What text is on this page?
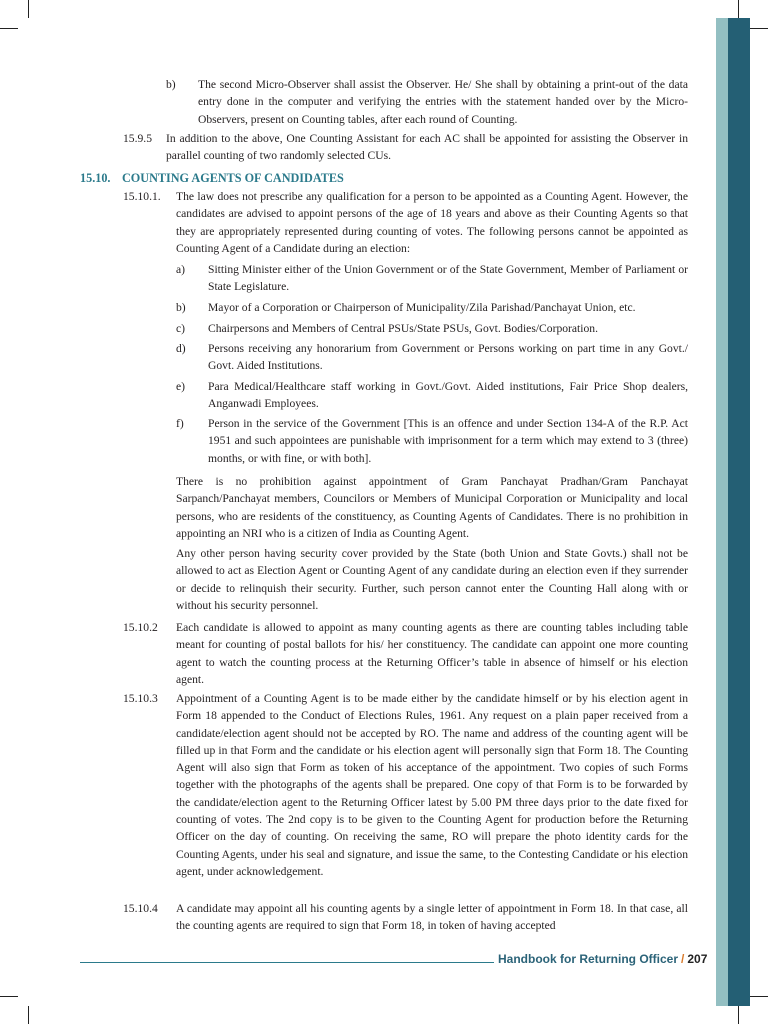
b) The second Micro-Observer shall assist the Observer. He/ She shall by obtaining a print-out of the data entry done in the computer and verifying the entries with the statement handed over by the Micro-Observers, present on Counting tables, after each round of Counting.
15.9.5 In addition to the above, One Counting Assistant for each AC shall be appointed for assisting the Observer in parallel counting of two randomly selected CUs.
15.10. COUNTING AGENTS OF CANDIDATES
15.10.1. The law does not prescribe any qualification for a person to be appointed as a Counting Agent. However, the candidates are advised to appoint persons of the age of 18 years and above as their Counting Agents so that they are appropriately represented during counting of votes. The following persons cannot be appointed as Counting Agent of a Candidate during an election:
a) Sitting Minister either of the Union Government or of the State Government, Member of Parliament or State Legislature.
b) Mayor of a Corporation or Chairperson of Municipality/Zila Parishad/Panchayat Union, etc.
c) Chairpersons and Members of Central PSUs/State PSUs, Govt. Bodies/Corporation.
d) Persons receiving any honorarium from Government or Persons working on part time in any Govt./ Govt. Aided Institutions.
e) Para Medical/Healthcare staff working in Govt./Govt. Aided institutions, Fair Price Shop dealers, Anganwadi Employees.
f) Person in the service of the Government [This is an offence and under Section 134-A of the R.P. Act 1951 and such appointees are punishable with imprisonment for a term which may extend to 3 (three) months, or with fine, or with both].
There is no prohibition against appointment of Gram Panchayat Pradhan/Gram Panchayat Sarpanch/Panchayat members, Councilors or Members of Municipal Corporation or Municipality and local persons, who are residents of the constituency, as Counting Agents of Candidates. There is no prohibition in appointing an NRI who is a citizen of India as Counting Agent.
Any other person having security cover provided by the State (both Union and State Govts.) shall not be allowed to act as Election Agent or Counting Agent of any candidate during an election even if they surrender or decide to relinquish their security. Further, such person cannot enter the Counting Hall along with or without his security personnel.
15.10.2 Each candidate is allowed to appoint as many counting agents as there are counting tables including table meant for counting of postal ballots for his/ her constituency. The candidate can appoint one more counting agent to watch the counting process at the Returning Officer’s table in absence of himself or his election agent.
15.10.3 Appointment of a Counting Agent is to be made either by the candidate himself or by his election agent in Form 18 appended to the Conduct of Elections Rules, 1961. Any request on a plain paper received from a candidate/election agent should not be accepted by RO. The name and address of the counting agent will be filled up in that Form and the candidate or his election agent will personally sign that Form 18. The Counting Agent will also sign that Form as token of his acceptance of the appointment. Two copies of such Forms together with the photographs of the agents shall be prepared. One copy of that Form is to be forwarded by the candidate/election agent to the Returning Officer latest by 5.00 PM three days prior to the date fixed for counting of votes. The 2nd copy is to be given to the Counting Agent for production before the Returning Officer on the day of counting. On receiving the same, RO will prepare the photo identity cards for the Counting Agents, under his seal and signature, and issue the same, to the Contesting Candidate or his election agent, under acknowledgement.
15.10.4 A candidate may appoint all his counting agents by a single letter of appointment in Form 18. In that case, all the counting agents are required to sign that Form 18, in token of having accepted
Handbook for Returning Officer / 207
